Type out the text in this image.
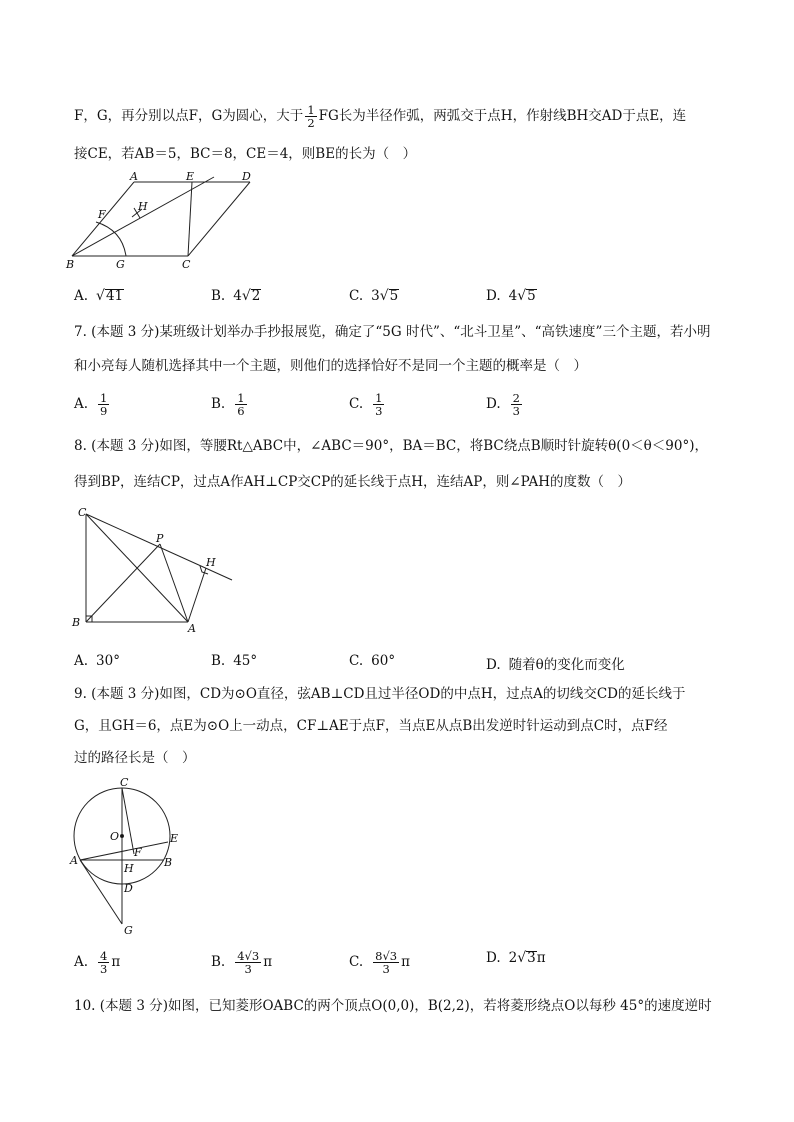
F，G，再分别以点F，G为圆心，大于 $\frac{1}{2}$ FG长为半径作弧，两弧交于点H，作射线BH交AD于点E，连
接CE，若AB＝5，BC＝8，CE＝4，则BE的长为（　）
A	E	D
F
H
B	G	C
A. √41	B. 4√2	C. 3√5	D. 4√5
7. (本题 3 分)某班级计划举办手抄报展览，确定了“5G 时代”、“北斗卫星”、“高铁速度”三个主题，若小明
和小亮每人随机选择其中一个主题，则他们的选择恰好不是同一个主题的概率是（　）
A. $\frac{1}{9}$	B. $\frac{1}{6}$	C. $\frac{1}{3}$	D. $\frac{2}{3}$
8. (本题 3 分)如图，等腰Rt△ABC中，∠ABC＝90°，BA＝BC，将BC绕点B顺时针旋转θ(0＜θ＜90°)，
得到BP，连结CP，过点A作AH⊥CP交CP的延长线于点H，连结AP，则∠PAH的度数（　）
C
P
H
B	A
A. 30°	B. 45°	C. 60°	D. 随着θ的变化而变化
9. (本题 3 分)如图，CD为⊙O直径，弦AB⊥CD且过半径OD的中点H，过点A的切线交CD的延长线于
G，且GH＝6，点E为⊙O上一动点，CF⊥AE于点F，当点E从点B出发逆时针运动到点C时，点F经
过的路径长是（　）
C
O	E
F
A	B
H
D
G
A. $\frac{4}{3}$ π	B. $\frac{4√3}{3}$ π	C. $\frac{8√3}{3}$ π	D. 2√3π
10. (本题 3 分)如图，已知菱形OABC的两个顶点O(0,0)，B(2,2)，若将菱形绕点O以每秒 45°的速度逆时
